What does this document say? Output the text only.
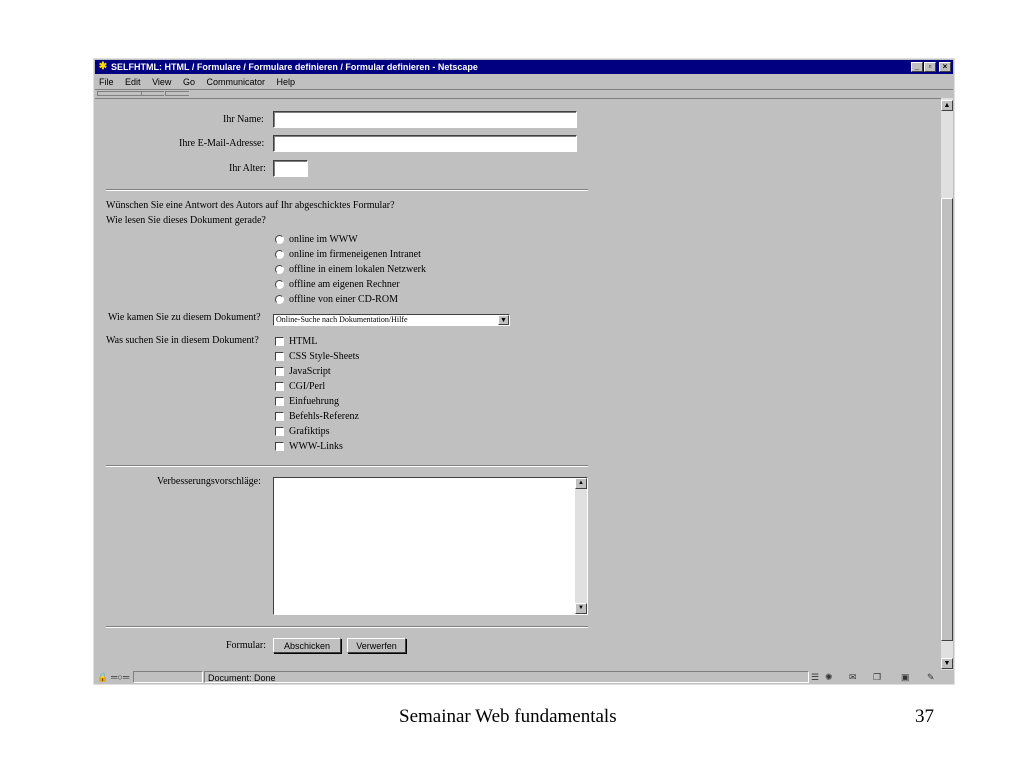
✱ SELFHTML: HTML / Formulare / Formulare definieren / Formular definieren - Netscape	_	▫	×
File Edit View Go Communicator Help
Ihr Name:
Ihre E-Mail-Adresse:
Ihr Alter:
Wünschen Sie eine Antwort des Autors auf Ihr abgeschicktes Formular?
Wie lesen Sie dieses Dokument gerade?
online im WWW
online im firmeneigenen Intranet
offline in einem lokalen Netzwerk
offline am eigenen Rechner
offline von einer CD-ROM
Wie kamen Sie zu diesem Dokument?	Online-Suche nach Dokumentation/Hilfe	▼
Was suchen Sie in diesem Dokument?	HTML
CSS Style-Sheets
JavaScript
CGI/Perl
Einfuehrung
Befehls-Referenz
Grafiktips
WWW-Links
Verbesserungsvorschläge:	▲
▼
Formular:	Abschicken	Verwerfen
▲
▼
🔒 ═○═	Document: Done	☰ ✺ ✉ ❐ ▣ ✎
Semainar Web fundamentals	37
